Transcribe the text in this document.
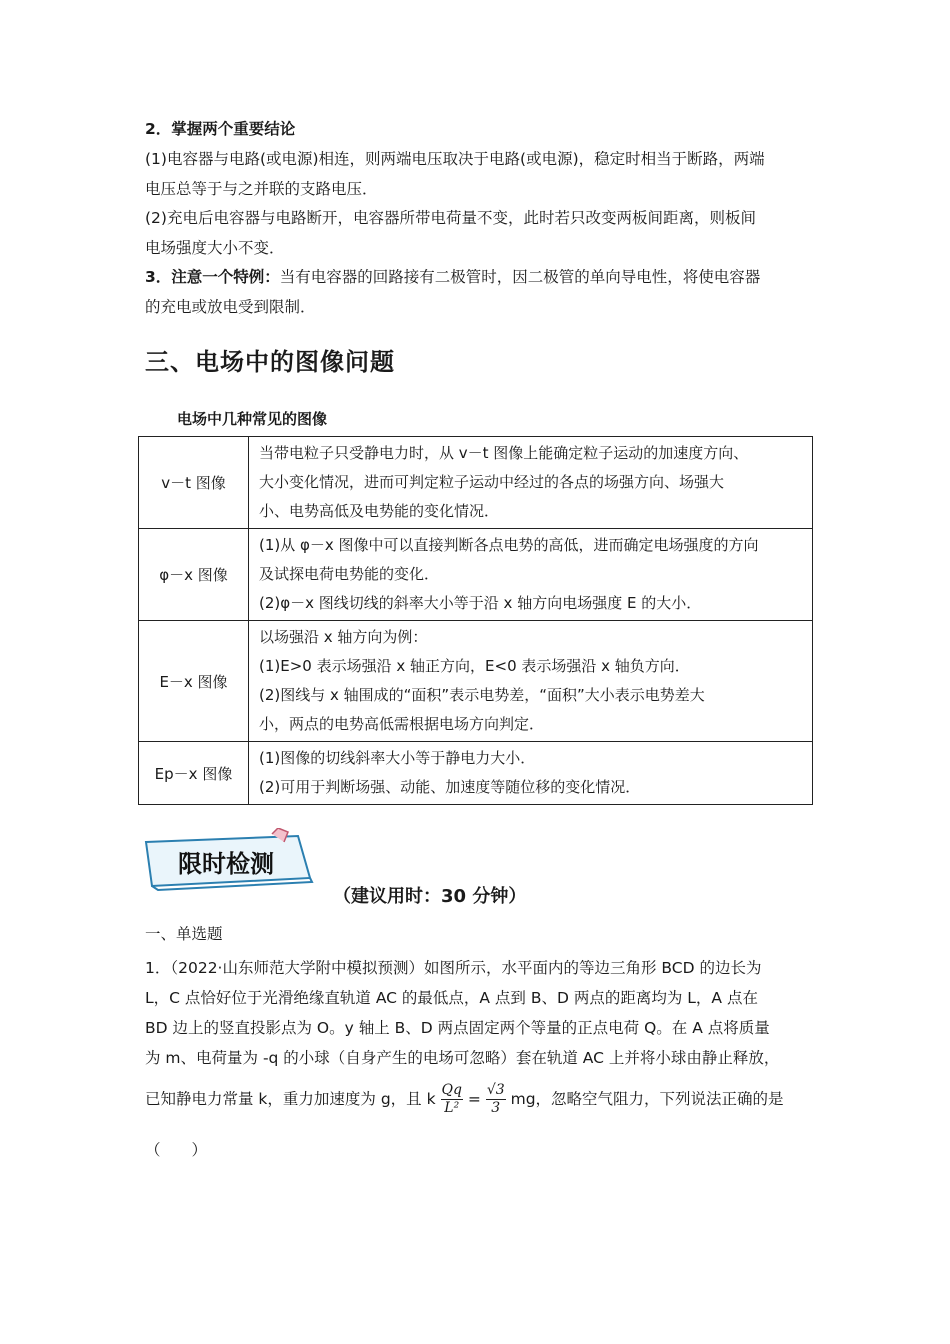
2．掌握两个重要结论
(1)电容器与电路(或电源)相连，则两端电压取决于电路(或电源)，稳定时相当于断路，两端
电压总等于与之并联的支路电压．
(2)充电后电容器与电路断开，电容器所带电荷量不变，此时若只改变两板间距离，则板间
电场强度大小不变．
3．注意一个特例：当有电容器的回路接有二极管时，因二极管的单向导电性，将使电容器
的充电或放电受到限制．
三、电场中的图像问题
电场中几种常见的图像
v－t 图像	当带电粒子只受静电力时，从 v－t 图像上能确定粒子运动的加速度方向、
大小变化情况，进而可判定粒子运动中经过的各点的场强方向、场强大
小、电势高低及电势能的变化情况．

φ－x 图像	(1)从 φ－x 图像中可以直接判断各点电势的高低，进而确定电场强度的方向
及试探电荷电势能的变化．
(2)φ－x 图线切线的斜率大小等于沿 x 轴方向电场强度 E 的大小．

E－x 图像	以场强沿 x 轴方向为例：
(1)E>0 表示场强沿 x 轴正方向，E<0 表示场强沿 x 轴负方向．
(2)图线与 x 轴围成的“面积”表示电势差，“面积”大小表示电势差大
小，两点的电势高低需根据电场方向判定．

Ep－x 图像	(1)图像的切线斜率大小等于静电力大小．
(2)可用于判断场强、动能、加速度等随位移的变化情况．
限时检测
（建议用时：30 分钟）
一、单选题
1．（2022·山东师范大学附中模拟预测）如图所示，水平面内的等边三角形 BCD 的边长为
L，C 点恰好位于光滑绝缘直轨道 AC 的最低点，A 点到 B、D 两点的距离均为 L，A 点在
BD 边上的竖直投影点为 O。y 轴上 B、D 两点固定两个等量的正点电荷 Q。在 A 点将质量
为 m、电荷量为 -q 的小球（自身产生的电场可忽略）套在轨道 AC 上并将小球由静止释放，
已知静电力常量 k，重力加速度为 g，且 k $\frac{Qq}{\text{L²}} = \frac{√3}{3}$ mg，忽略空气阻力，下列说法正确的是
（　　）
